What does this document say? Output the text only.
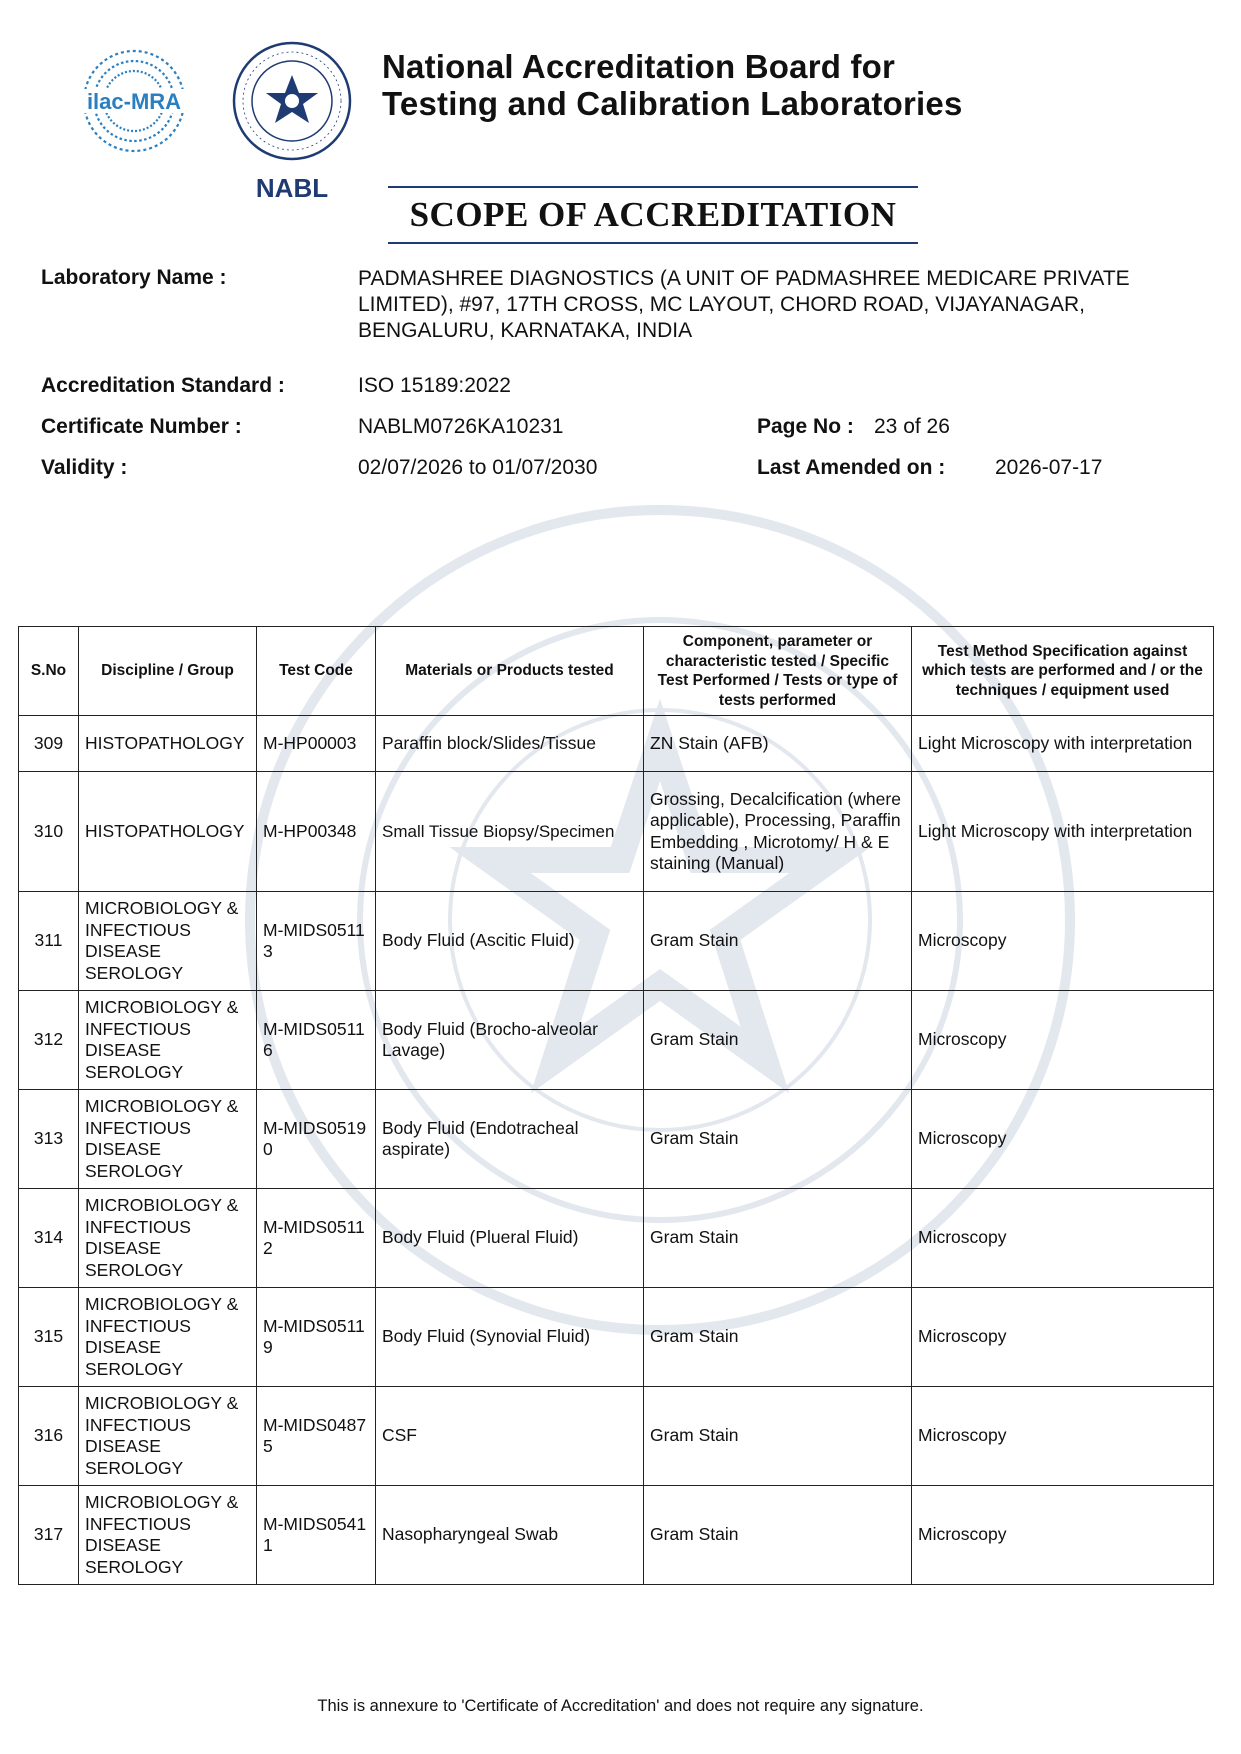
ilac-MRA
NABL
National Accreditation Board for
Testing and Calibration Laboratories
SCOPE OF ACCREDITATION
Laboratory Name :	PADMASHREE DIAGNOSTICS (A UNIT OF PADMASHREE MEDICARE PRIVATE LIMITED), #97, 17TH CROSS, MC LAYOUT, CHORD ROAD, VIJAYANAGAR, BENGALURU, KARNATAKA, INDIA
Accreditation Standard :	ISO 15189:2022
Certificate Number :	NABLM0726KA10231	Page No : 23 of 26
Validity :	02/07/2026 to 01/07/2030	Last Amended on : 2026-07-17
S.No	Discipline / Group	Test Code	Materials or Products tested	Component, parameter or characteristic tested / Specific Test Performed / Tests or type of tests performed	Test Method Specification against which tests are performed and / or the techniques / equipment used
309	HISTOPATHOLOGY	M-HP00003	Paraffin block/Slides/Tissue	ZN Stain (AFB)	Light Microscopy with interpretation
310	HISTOPATHOLOGY	M-HP00348	Small Tissue Biopsy/Specimen	Grossing, Decalcification (where applicable), Processing, Paraffin Embedding , Microtomy/ H & E staining (Manual)	Light Microscopy with interpretation
311	MICROBIOLOGY & INFECTIOUS DISEASE SEROLOGY	M-MIDS05113	Body Fluid (Ascitic Fluid)	Gram Stain	Microscopy
312	MICROBIOLOGY & INFECTIOUS DISEASE SEROLOGY	M-MIDS05116	Body Fluid (Brocho-alveolar Lavage)	Gram Stain	Microscopy
313	MICROBIOLOGY & INFECTIOUS DISEASE SEROLOGY	M-MIDS05190	Body Fluid (Endotracheal aspirate)	Gram Stain	Microscopy
314	MICROBIOLOGY & INFECTIOUS DISEASE SEROLOGY	M-MIDS05112	Body Fluid (Plueral Fluid)	Gram Stain	Microscopy
315	MICROBIOLOGY & INFECTIOUS DISEASE SEROLOGY	M-MIDS05119	Body Fluid (Synovial Fluid)	Gram Stain	Microscopy
316	MICROBIOLOGY & INFECTIOUS DISEASE SEROLOGY	M-MIDS04875	CSF	Gram Stain	Microscopy
317	MICROBIOLOGY & INFECTIOUS DISEASE SEROLOGY	M-MIDS05411	Nasopharyngeal Swab	Gram Stain	Microscopy
This is annexure to 'Certificate of Accreditation' and does not require any signature.
